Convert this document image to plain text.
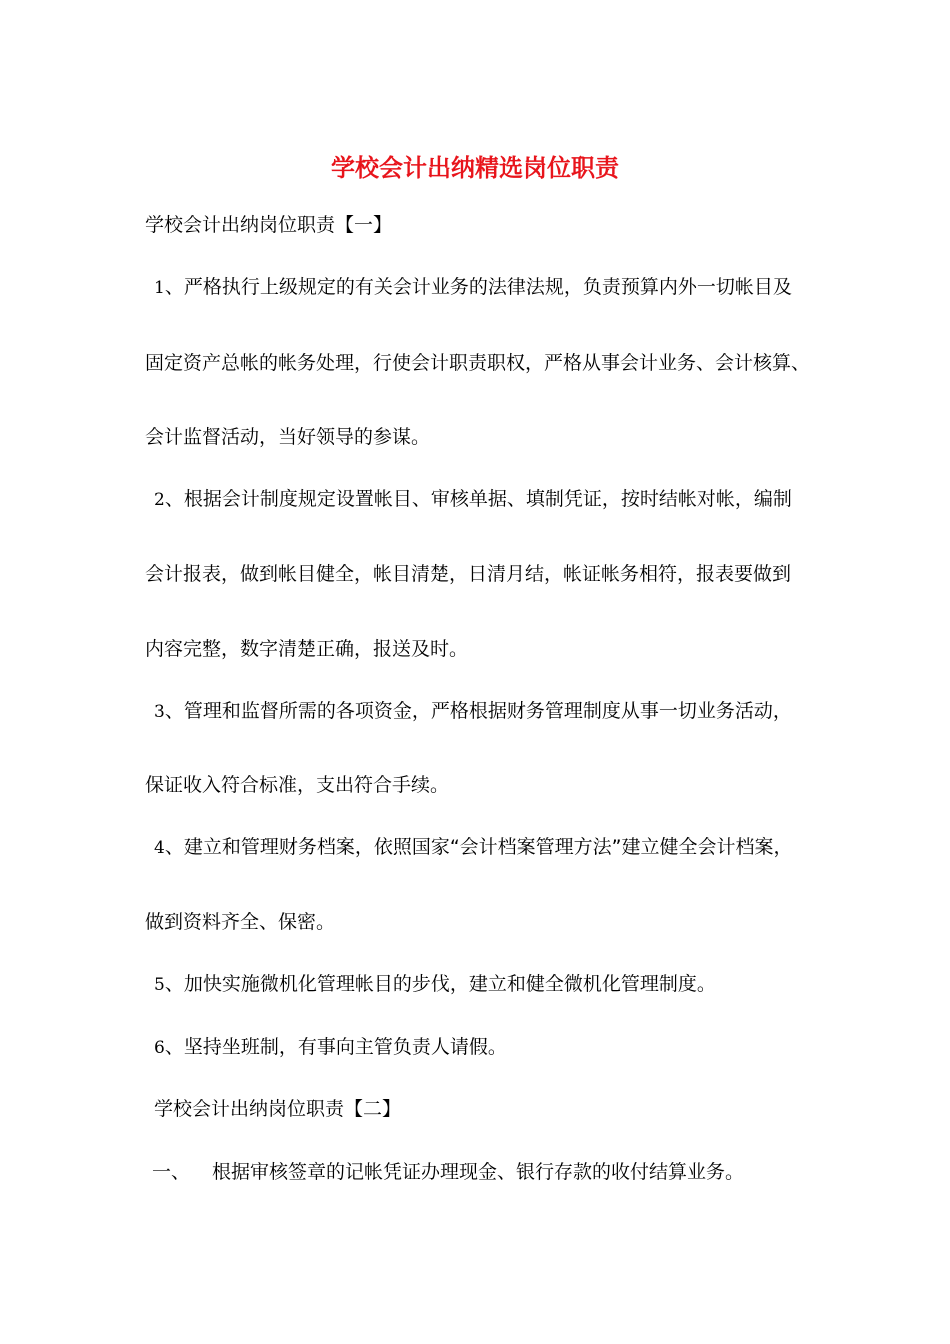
学校会计出纳精选岗位职责

学校会计出纳岗位职责【一】

1、严格执行上级规定的有关会计业务的法律法规，负责预算内外一切帐目及

固定资产总帐的帐务处理，行使会计职责职权，严格从事会计业务、会计核算、

会计监督活动，当好领导的参谋。

2、根据会计制度规定设置帐目、审核单据、填制凭证，按时结帐对帐，编制

会计报表，做到帐目健全，帐目清楚，日清月结，帐证帐务相符，报表要做到

内容完整，数字清楚正确，报送及时。

3、管理和监督所需的各项资金，严格根据财务管理制度从事一切业务活动，

保证收入符合标准，支出符合手续。

4、建立和管理财务档案，依照国家“会计档案管理方法”建立健全会计档案，

做到资料齐全、保密。

5、加快实施微机化管理帐目的步伐，建立和健全微机化管理制度。

6、坚持坐班制，有事向主管负责人请假。

学校会计出纳岗位职责【二】

一、 根据审核签章的记帐凭证办理现金、银行存款的收付结算业务。
